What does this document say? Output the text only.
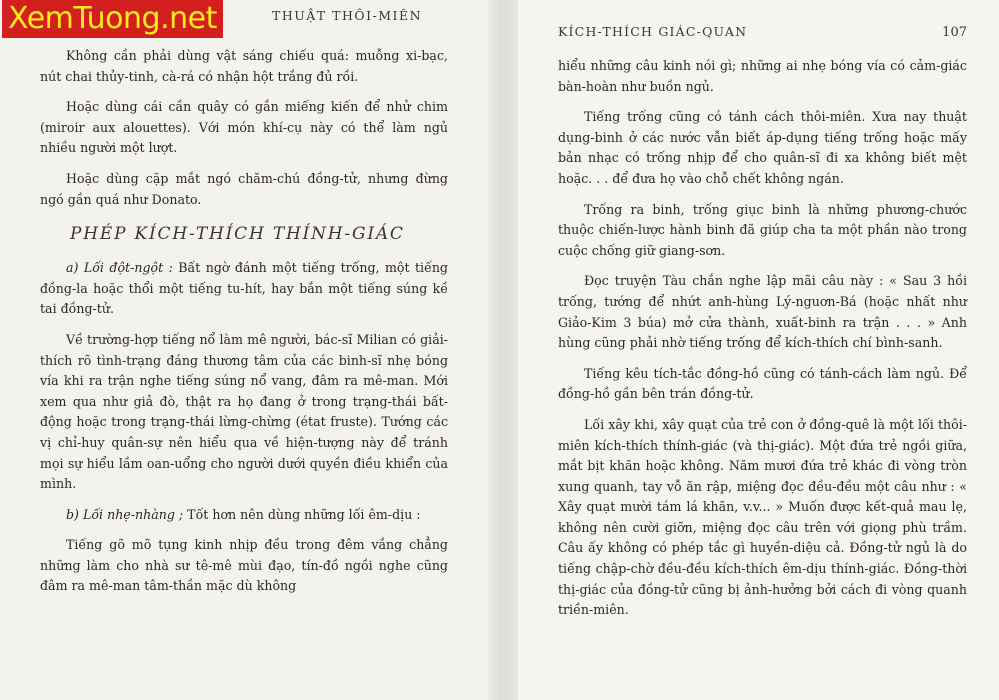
THUẬT THÔI-MIÊN

Không cần phải dùng vật sáng chiếu quá: muỗng xi-bạc, nút chai thủy-tinh, cà-rá có nhận hột trắng đủ rồi.

Hoặc dùng cái cần quây có gắn miếng kiến để nhử chim (miroir aux alouettes). Với món khí-cụ này có thể làm ngủ nhiều người một lượt.

Hoặc dùng cặp mắt ngó chăm-chú đồng-tử, nhưng đừng ngó gần quá như Donato.

PHÉP KÍCH-THÍCH THÍNH-GIÁC

a) Lối đột-ngột : Bất ngờ đánh một tiếng trống, một tiếng đồng-la hoặc thổi một tiếng tu-hít, hay bắn một tiếng súng kề tai đồng-tử.

Về trường-hợp tiếng nổ làm mê người, bác-sĩ Milian có giải-thích rõ tình-trạng đáng thương tâm của các binh-sĩ nhẹ bóng vía khi ra trận nghe tiếng súng nổ vang, đâm ra mê-man. Mới xem qua như giả đò, thật ra họ đang ở trong trạng-thái bất-động hoặc trong trạng-thái lừng-chừng (état fruste). Tướng các vị chỉ-huy quân-sự nên hiểu qua về hiện-tượng này để tránh mọi sự hiểu lầm oan-uổng cho người dưới quyền điều khiển của mình.

b) Lối nhẹ-nhàng ; Tốt hơn nên dùng những lối êm-dịu :

Tiếng gõ mõ tụng kinh nhịp đều trong đêm vắng chẳng những làm cho nhà sư tê-mê mùi đạo, tín-đồ ngồi nghe cũng đâm ra mê-man tâm-thần mặc dù không

KÍCH-THÍCH GIÁC-QUAN	107

hiểu những câu kinh nói gì; những ai nhẹ bóng vía có cảm-giác bàn-hoàn như buồn ngủ.

Tiếng trống cũng có tánh cách thôi-miên. Xưa nay thuật dụng-binh ở các nước vẫn biết áp-dụng tiếng trống hoặc mấy bản nhạc có trống nhịp để cho quân-sĩ đi xa không biết mệt hoặc. . . để đưa họ vào chỗ chết không ngán.

Trống ra binh, trống giục binh là những phương-chước thuộc chiến-lược hành binh đã giúp cha ta một phần nào trong cuộc chống giữ giang-sơn.

Đọc truyện Tàu chắn nghe lập mãi câu này : « Sau 3 hồi trống, tướng để nhứt anh-hùng Lý-nguơn-Bá (hoặc nhất như Giảo-Kim 3 búa) mở cửa thành, xuất-binh ra trận . . . » Anh hùng cũng phải nhờ tiếng trống để kích-thích chí bình-sanh.

Tiếng kêu tích-tắc đồng-hồ cũng có tánh-cách làm ngủ. Để đồng-hồ gần bên trán đồng-tử.

Lối xây khi, xây quạt của trẻ con ở đồng-quê là một lối thôi-miên kích-thích thính-giác (và thị-giác). Một đứa trẻ ngồi giữa, mắt bịt khăn hoặc không. Năm mươi đứa trẻ khác đi vòng tròn xung quanh, tay vỗ ăn rập, miệng đọc đều-đều một câu như : « Xây quạt mười tám lá khăn, v.v... » Muốn được kết-quả mau lẹ, không nên cười giỡn, miệng đọc câu trên với giọng phù trầm. Câu ấy không có phép tắc gì huyền-diệu cả. Đồng-tử ngủ là do tiếng chập-chờ đều-đều kích-thích êm-dịu thính-giác. Đồng-thời thị-giác của đồng-tử cũng bị ảnh-hưởng bởi cách đi vòng quanh triền-miên.

XemTuong.net
